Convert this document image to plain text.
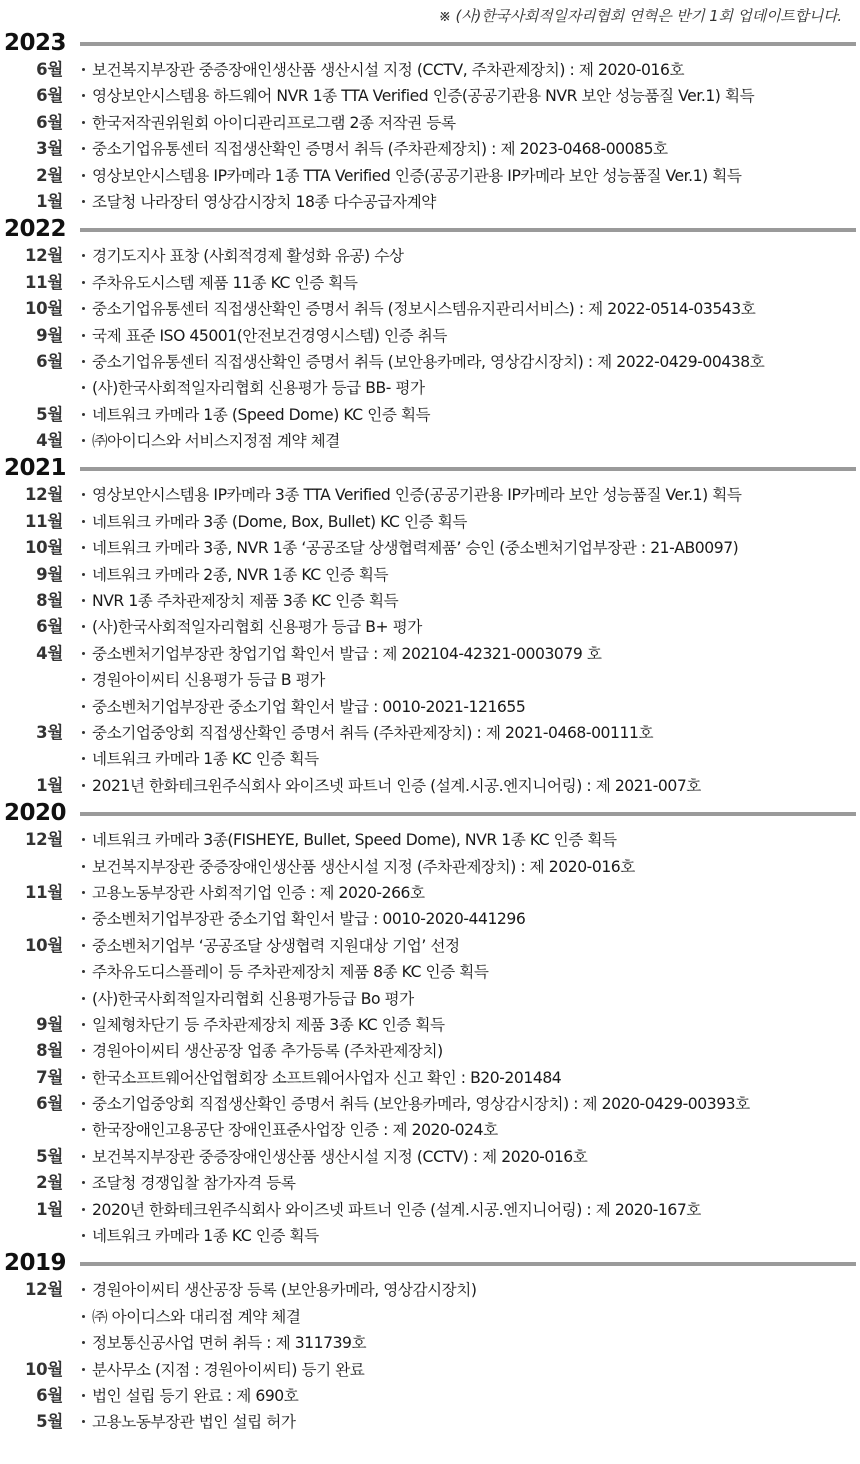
※ (사)한국사회적일자리협회 연혁은 반기 1회 업데이트합니다.
2023
6월	보건복지부장관 중증장애인생산품 생산시설 지정 (CCTV, 주차관제장치) : 제 2020-016호
6월	영상보안시스템용 하드웨어 NVR 1종 TTA Verified 인증(공공기관용 NVR 보안 성능품질 Ver.1) 획득
6월	한국저작권위원회 아이디관리프로그램 2종 저작권 등록
3월	중소기업유통센터 직접생산확인 증명서 취득 (주차관제장치) : 제 2023-0468-00085호
2월	영상보안시스템용 IP카메라 1종 TTA Verified 인증(공공기관용 IP카메라 보안 성능품질 Ver.1) 획득
1월	조달청 나라장터 영상감시장치 18종 다수공급자계약
2022
12월	경기도지사 표창 (사회적경제 활성화 유공) 수상
11월	주차유도시스템 제품 11종 KC 인증 획득
10월	중소기업유통센터 직접생산확인 증명서 취득 (정보시스템유지관리서비스) : 제 2022-0514-03543호
9월	국제 표준 ISO 45001(안전보건경영시스템) 인증 취득
6월	중소기업유통센터 직접생산확인 증명서 취득 (보안용카메라, 영상감시장치) : 제 2022-0429-00438호
(사)한국사회적일자리협회 신용평가 등급 BB- 평가
5월	네트워크 카메라 1종 (Speed Dome) KC 인증 획득
4월	㈜아이디스와 서비스지정점 계약 체결
2021
12월	영상보안시스템용 IP카메라 3종 TTA Verified 인증(공공기관용 IP카메라 보안 성능품질 Ver.1) 획득
11월	네트워크 카메라 3종 (Dome, Box, Bullet) KC 인증 획득
10월	네트워크 카메라 3종, NVR 1종 ‘공공조달 상생협력제품’ 승인 (중소벤처기업부장관 : 21-AB0097)
9월	네트워크 카메라 2종, NVR 1종 KC 인증 획득
8월	NVR 1종 주차관제장치 제품 3종 KC 인증 획득
6월	(사)한국사회적일자리협회 신용평가 등급 B+ 평가
4월	중소벤처기업부장관 창업기업 확인서 발급 : 제 202104-42321-0003079 호
경원아이씨티 신용평가 등급 B 평가
중소벤처기업부장관 중소기업 확인서 발급 : 0010-2021-121655
3월	중소기업중앙회 직접생산확인 증명서 취득 (주차관제장치) : 제 2021-0468-00111호
네트워크 카메라 1종 KC 인증 획득
1월	2021년 한화테크윈주식회사 와이즈넷 파트너 인증 (설계.시공.엔지니어링) : 제 2021-007호
2020
12월	네트워크 카메라 3종(FISHEYE, Bullet, Speed Dome), NVR 1종 KC 인증 획득
보건복지부장관 중증장애인생산품 생산시설 지정 (주차관제장치) : 제 2020-016호
11월	고용노동부장관 사회적기업 인증 : 제 2020-266호
중소벤처기업부장관 중소기업 확인서 발급 : 0010-2020-441296
10월	중소벤처기업부 ‘공공조달 상생협력 지원대상 기업’ 선정
주차유도디스플레이 등 주차관제장치 제품 8종 KC 인증 획득
(사)한국사회적일자리협회 신용평가등급 Bo 평가
9월	일체형차단기 등 주차관제장치 제품 3종 KC 인증 획득
8월	경원아이씨티 생산공장 업종 추가등록 (주차관제장치)
7월	한국소프트웨어산업협회장 소프트웨어사업자 신고 확인 : B20-201484
6월	중소기업중앙회 직접생산확인 증명서 취득 (보안용카메라, 영상감시장치) : 제 2020-0429-00393호
한국장애인고용공단 장애인표준사업장 인증 : 제 2020-024호
5월	보건복지부장관 중증장애인생산품 생산시설 지정 (CCTV) : 제 2020-016호
2월	조달청 경쟁입찰 참가자격 등록
1월	2020년 한화테크윈주식회사 와이즈넷 파트너 인증 (설계.시공.엔지니어링) : 제 2020-167호
네트워크 카메라 1종 KC 인증 획득
2019
12월	경원아이씨티 생산공장 등록 (보안용카메라, 영상감시장치)
㈜ 아이디스와 대리점 계약 체결
정보통신공사업 면허 취득 : 제 311739호
10월	분사무소 (지점 : 경원아이씨티) 등기 완료
6월	법인 설립 등기 완료 : 제 690호
5월	고용노동부장관 법인 설립 허가
